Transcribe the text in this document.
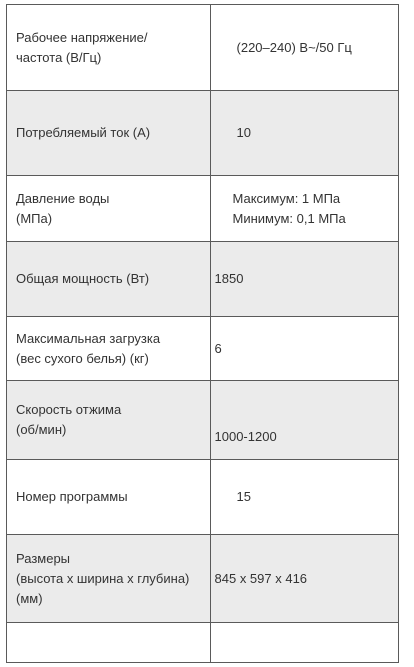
Рабочее напряжение/
частота (В/Гц)	(220–240) В~/50 Гц

Потребляемый ток (А)	10

Давление воды
(МПа)	Максимум: 1 МПа
Минимум: 0,1 МПа

Общая мощность (Вт)	1850

Максимальная загрузка
(вес сухого белья) (кг)	6

Скорость отжима
(об/мин)	1000-1200

Номер программы	15

Размеры
(высота х ширина х глубина)
(мм)	845 x 597 x 416
